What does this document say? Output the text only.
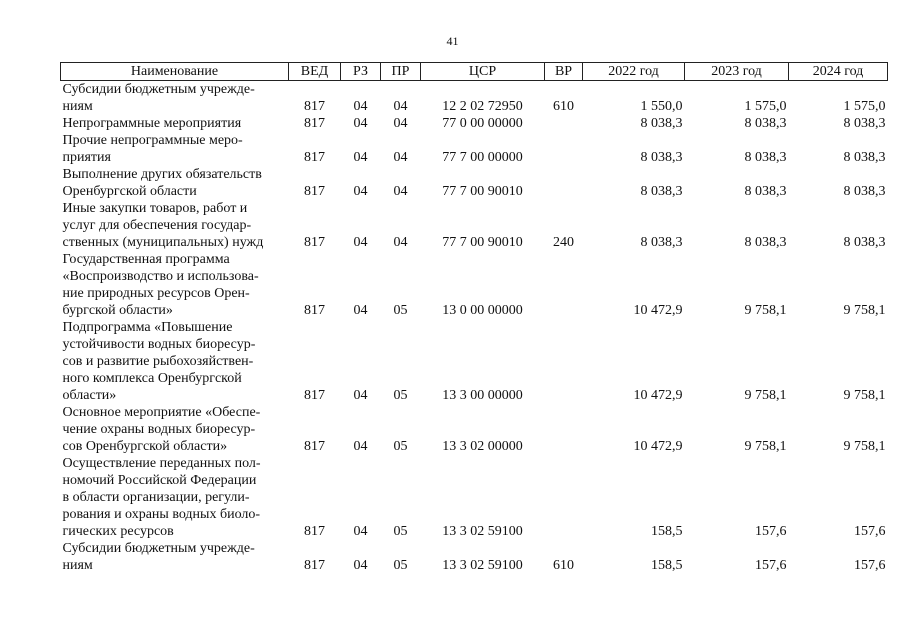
41
Наименование	ВЕД	РЗ	ПР	ЦСР	ВР	2022 год	2023 год	2024 год

Субсидии бюджетным учрежде-
ниям	817	04	04	12 2 02 72950	610	1 550,0	1 575,0	1 575,0

Непрограммные мероприятия	817	04	04	77 0 00 00000		8 038,3	8 038,3	8 038,3

Прочие непрограммные меро-
приятия	817	04	04	77 7 00 00000		8 038,3	8 038,3	8 038,3

Выполнение других обязательств
Оренбургской области	817	04	04	77 7 00 90010		8 038,3	8 038,3	8 038,3

Иные закупки товаров, работ и
услуг для обеспечения государ-
ственных (муниципальных) нужд	817	04	04	77 7 00 90010	240	8 038,3	8 038,3	8 038,3

Государственная программа
«Воспроизводство и использова-
ние природных ресурсов Орен-
бургской области»	817	04	05	13 0 00 00000		10 472,9	9 758,1	9 758,1

Подпрограмма «Повышение
устойчивости водных биоресур-
сов и развитие рыбохозяйствен-
ного комплекса Оренбургской
области»	817	04	05	13 3 00 00000		10 472,9	9 758,1	9 758,1

Основное мероприятие «Обеспе-
чение охраны водных биоресур-
сов Оренбургской области»	817	04	05	13 3 02 00000		10 472,9	9 758,1	9 758,1

Осуществление переданных пол-
номочий Российской Федерации
в области организации, регули-
рования и охраны водных биоло-
гических ресурсов	817	04	05	13 3 02 59100		158,5	157,6	157,6

Субсидии бюджетным учрежде-
ниям	817	04	05	13 3 02 59100	610	158,5	157,6	157,6
